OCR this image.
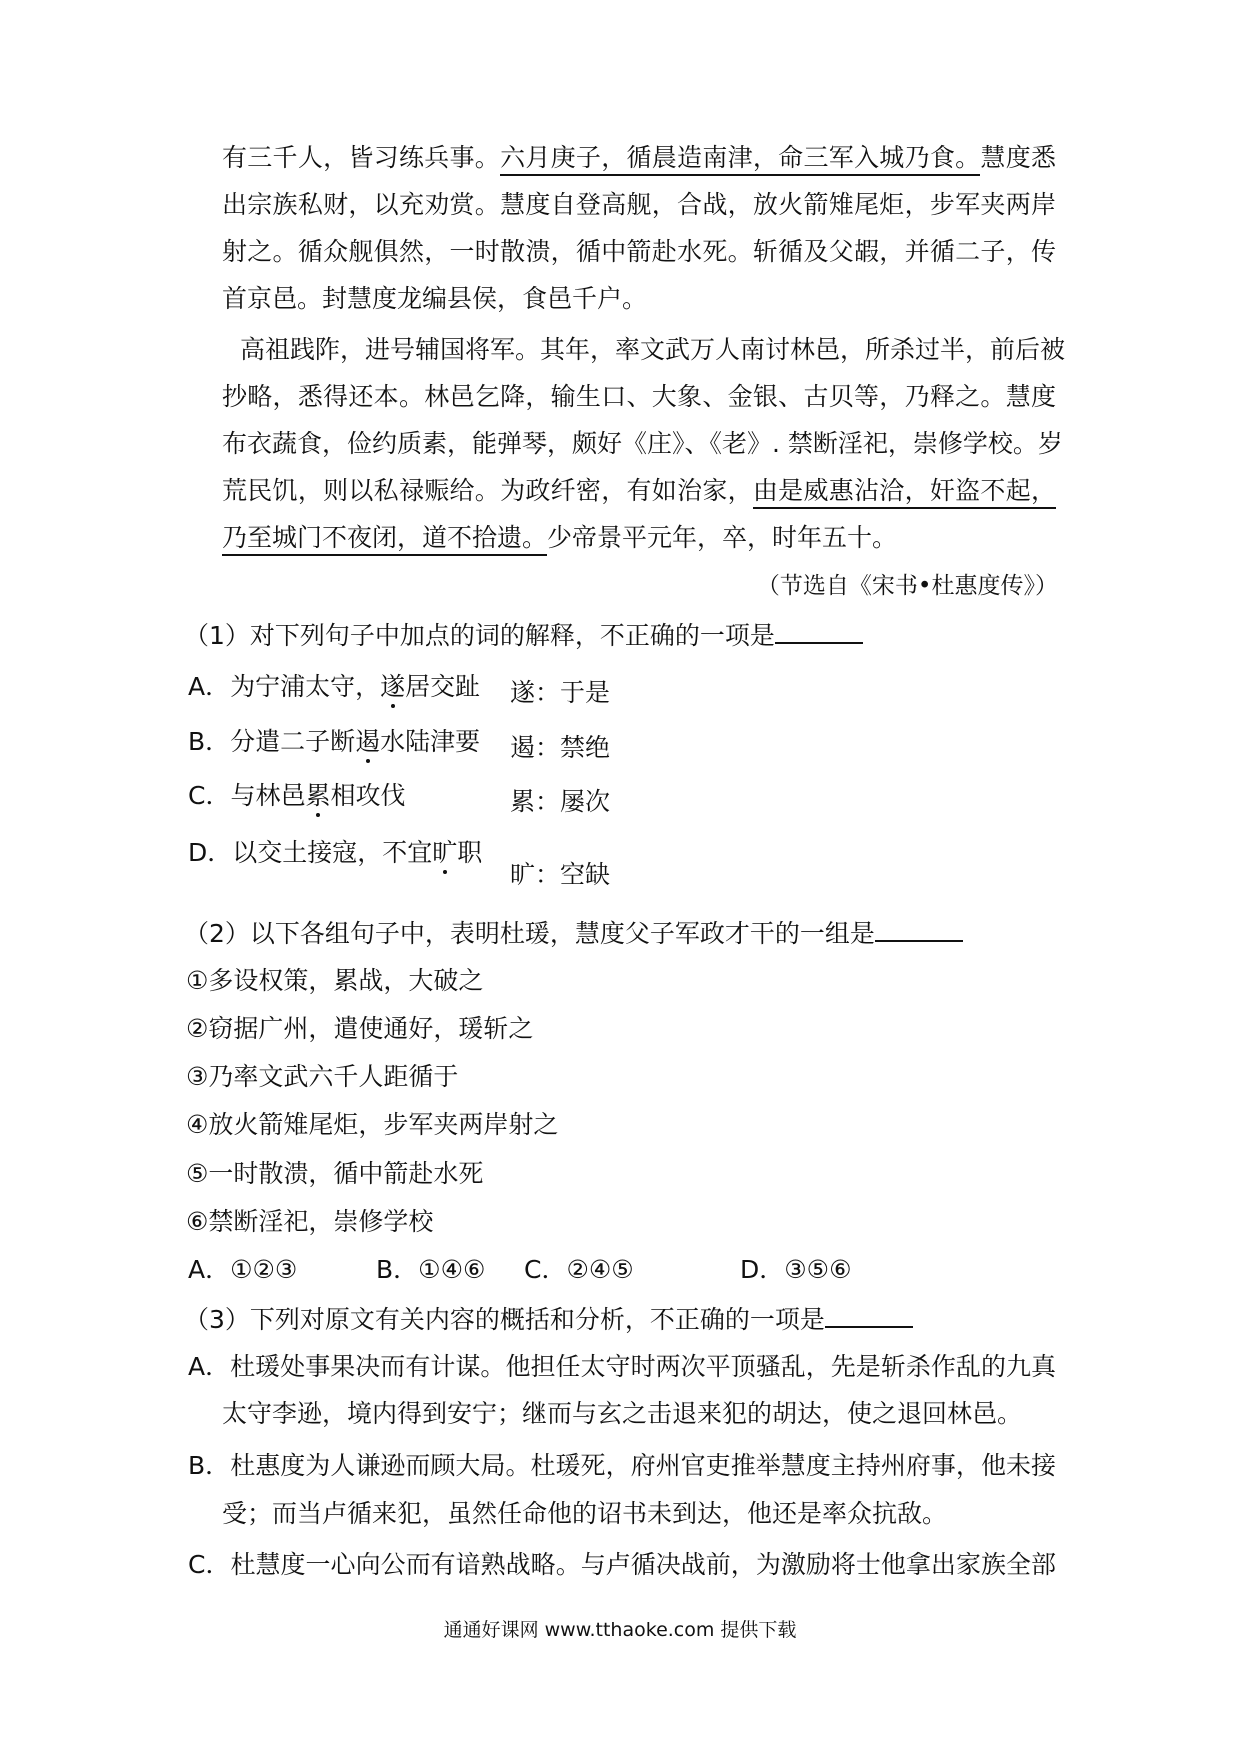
有三千人，皆习练兵事。六月庚子，循晨造南津，命三军入城乃食。慧度悉
出宗族私财，以充劝赏。慧度自登高舰，合战，放火箭雉尾炬，步军夹两岸
射之。循众舰俱然，一时散溃，循中箭赴水死。斩循及父嘏，并循二子，传
首京邑。封慧度龙编县侯，食邑千户。
高祖践阼，进号辅国将军。其年，率文武万人南讨林邑，所杀过半，前后被
抄略，悉得还本。林邑乞降，输生口、大象、金银、古贝等，乃释之。慧度
布衣蔬食，俭约质素，能弹琴，颇好《庄》、《老》. 禁断淫祀，崇修学校。岁
荒民饥，则以私禄赈给。为政纤密，有如治家，由是威惠沾洽，奸盗不起，
乃至城门不夜闭，道不拾遗。少帝景平元年，卒，时年五十。
（节选自《宋书•杜惠度传》）
（1）对下列句子中加点的词的解释，不正确的一项是
A．为宁浦太守，遂居交趾 遂：于是
B．分遣二子断遏水陆津要 遏：禁绝
C．与林邑累相攻伐	累：屡次
D．以交土接寇，不宜旷职
旷：空缺
（2）以下各组句子中，表明杜瑗，慧度父子军政才干的一组是
①多设权策，累战，大破之
②窃据广州，遣使通好，瑗斩之
③乃率文武六千人距循于
④放火箭雉尾炬，步军夹两岸射之
⑤一时散溃，循中箭赴水死
⑥禁断淫祀，崇修学校
A．①②③	B．①④⑥ C．②④⑤	D．③⑤⑥
（3）下列对原文有关内容的概括和分析，不正确的一项是
A．杜瑗处事果决而有计谋。他担任太守时两次平顶骚乱，先是斩杀作乱的九真
太守李逊，境内得到安宁；继而与玄之击退来犯的胡达，使之退回林邑。
B．杜惠度为人谦逊而顾大局。杜瑗死，府州官吏推举慧度主持州府事，他未接
受；而当卢循来犯，虽然任命他的诏书未到达，他还是率众抗敌。
C．杜慧度一心向公而有谙熟战略。与卢循决战前，为激励将士他拿出家族全部
通通好课网 www.tthaoke.com 提供下载
